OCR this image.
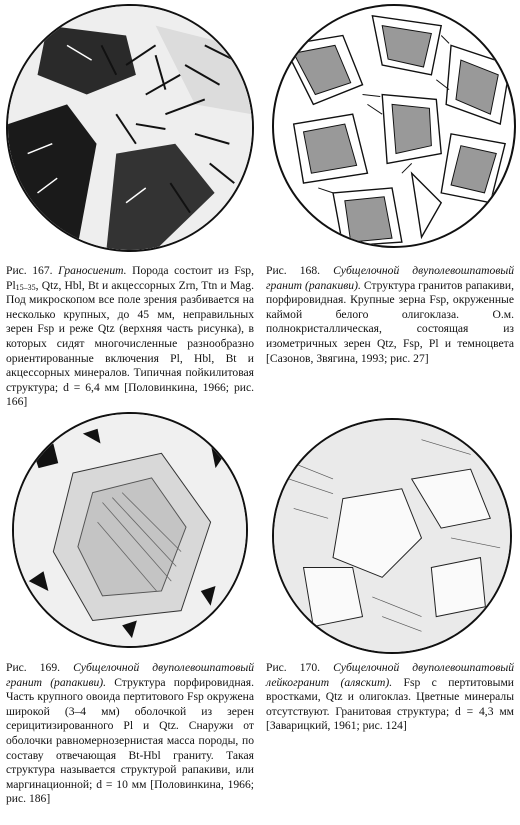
Рис. 167. Граносиенит. Порода состоит из Fsp, $Pl_{15-35}$, Qtz, Hbl, Bt и акцессорных Zrn, Ttn и Mag. Под микроскопом все поле зрения разбивается на несколько крупных, до 45 мм, неправильных зерен Fsp и реже Qtz (верхняя часть рисунка), в которых сидят многочисленные разнообразно ориентированные включения Pl, Hbl, Bt и акцессорных минералов. Типичная пойкилитовая структура; d = 6,4 мм [Половинкина, 1966; рис. 166]
Рис. 168. Субщелочной двуполевошпатовый гранит (рапакиви). Структура гранитов рапакиви, порфировидная. Крупные зерна Fsp, окруженные каймой белого олигоклаза. О.м. полнокристаллическая, состоящая из изометричных зерен Qtz, Fsp, Pl и темноцвета [Сазонов, Звягина, 1993; рис. 27]
Рис. 169. Субщелочной двуполевошпатовый гранит (рапакиви). Структура порфировидная. Часть крупного овоида пертитового Fsp окружена широкой (3–4 мм) оболочкой из зерен серицитизированного Pl и Qtz. Снаружи от оболочки равномернозернистая масса породы, по составу отвечающая Bt-Hbl граниту. Такая структура называется структурой рапакиви, или маргинационной; d = 10 мм [Половинкина, 1966; рис. 186]
Рис. 170. Субщелочной двуполевошпатовый лейкогранит (аляскит). Fsp с пертитовыми вростками, Qtz и олигоклаз. Цветные минералы отсутствуют. Гранитовая структура; d = 4,3 мм [Заварицкий, 1961; рис. 124]
